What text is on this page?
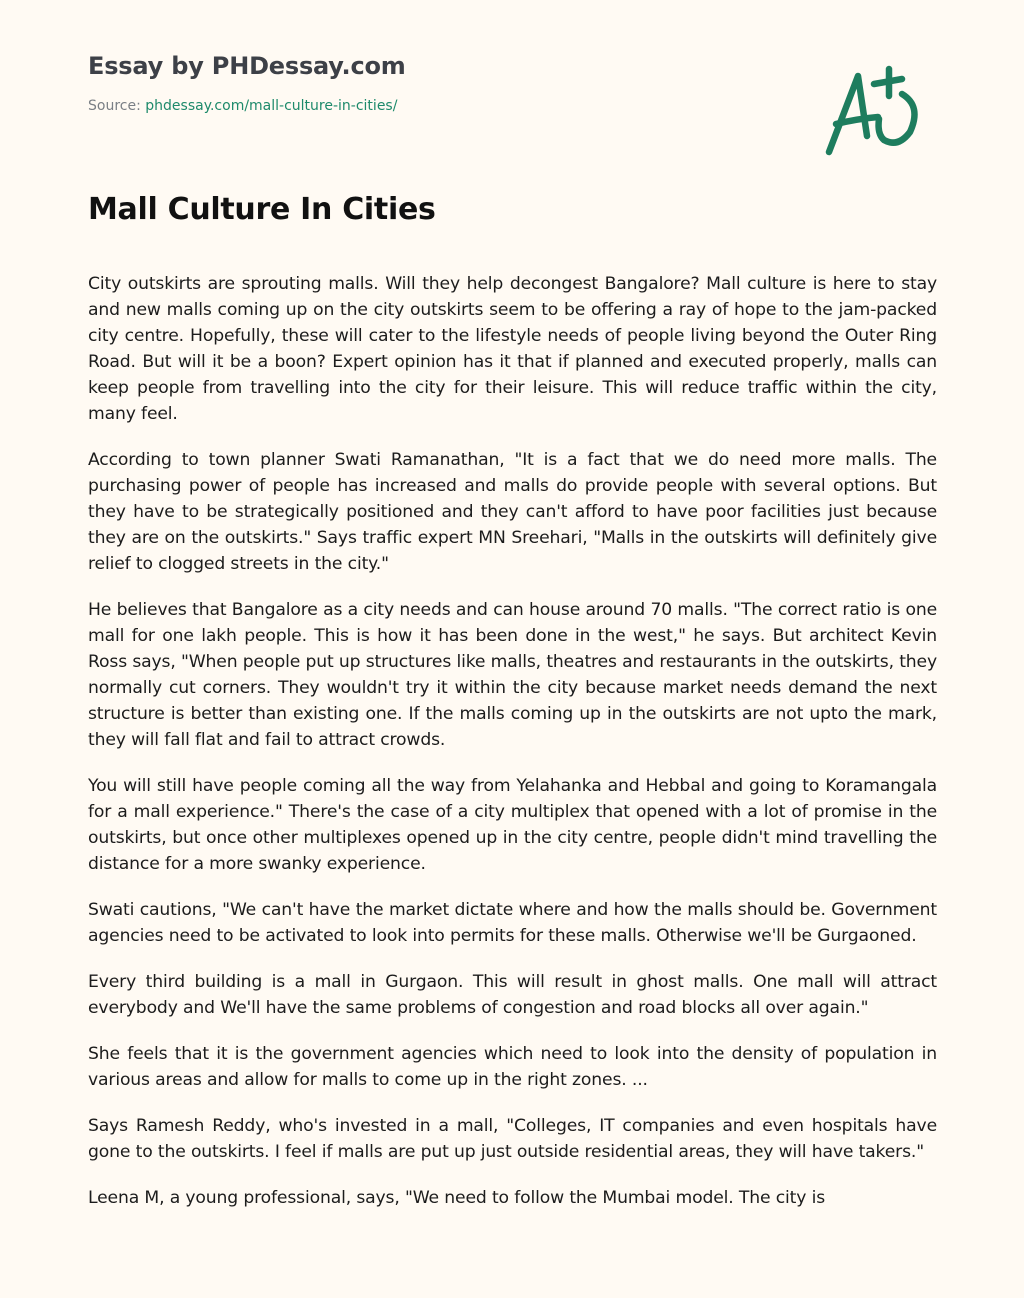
Essay by PHDessay.com
Source: phdessay.com/mall-culture-in-cities/
Mall Culture In Cities

City outskirts are sprouting malls. Will they help decongest Bangalore? Mall culture is here to stay and new malls coming up on the city outskirts seem to be offering a ray of hope to the jam-packed city centre. Hopefully, these will cater to the lifestyle needs of people living beyond the Outer Ring Road. But will it be a boon? Expert opinion has it that if planned and executed properly, malls can keep people from travelling into the city for their leisure. This will reduce traffic within the city, many feel.

According to town planner Swati Ramanathan, "It is a fact that we do need more malls. The purchasing power of people has increased and malls do provide people with several options. But they have to be strategically positioned and they can't afford to have poor facilities just because they are on the outskirts." Says traffic expert MN Sreehari, "Malls in the outskirts will definitely give relief to clogged streets in the city."

He believes that Bangalore as a city needs and can house around 70 malls. "The correct ratio is one mall for one lakh people. This is how it has been done in the west," he says. But architect Kevin Ross says, "When people put up structures like malls, theatres and restaurants in the outskirts, they normally cut corners. They wouldn't try it within the city because market needs demand the next structure is better than existing one. If the malls coming up in the outskirts are not upto the mark, they will fall flat and fail to attract crowds.

You will still have people coming all the way from Yelahanka and Hebbal and going to Koramangala for a mall experience." There's the case of a city multiplex that opened with a lot of promise in the outskirts, but once other multiplexes opened up in the city centre, people didn't mind travelling the distance for a more swanky experience.

Swati cautions, "We can't have the market dictate where and how the malls should be. Government agencies need to be activated to look into permits for these malls. Otherwise we'll be Gurgaoned.

Every third building is a mall in Gurgaon. This will result in ghost malls. One mall will attract everybody and We'll have the same problems of congestion and road blocks all over again."

She feels that it is the government agencies which need to look into the density of population in various areas and allow for malls to come up in the right zones. ...

Says Ramesh Reddy, who's invested in a mall, "Colleges, IT companies and even hospitals have gone to the outskirts. I feel if malls are put up just outside residential areas, they will have takers."

Leena M, a young professional, says, "We need to follow the Mumbai model. The city is
